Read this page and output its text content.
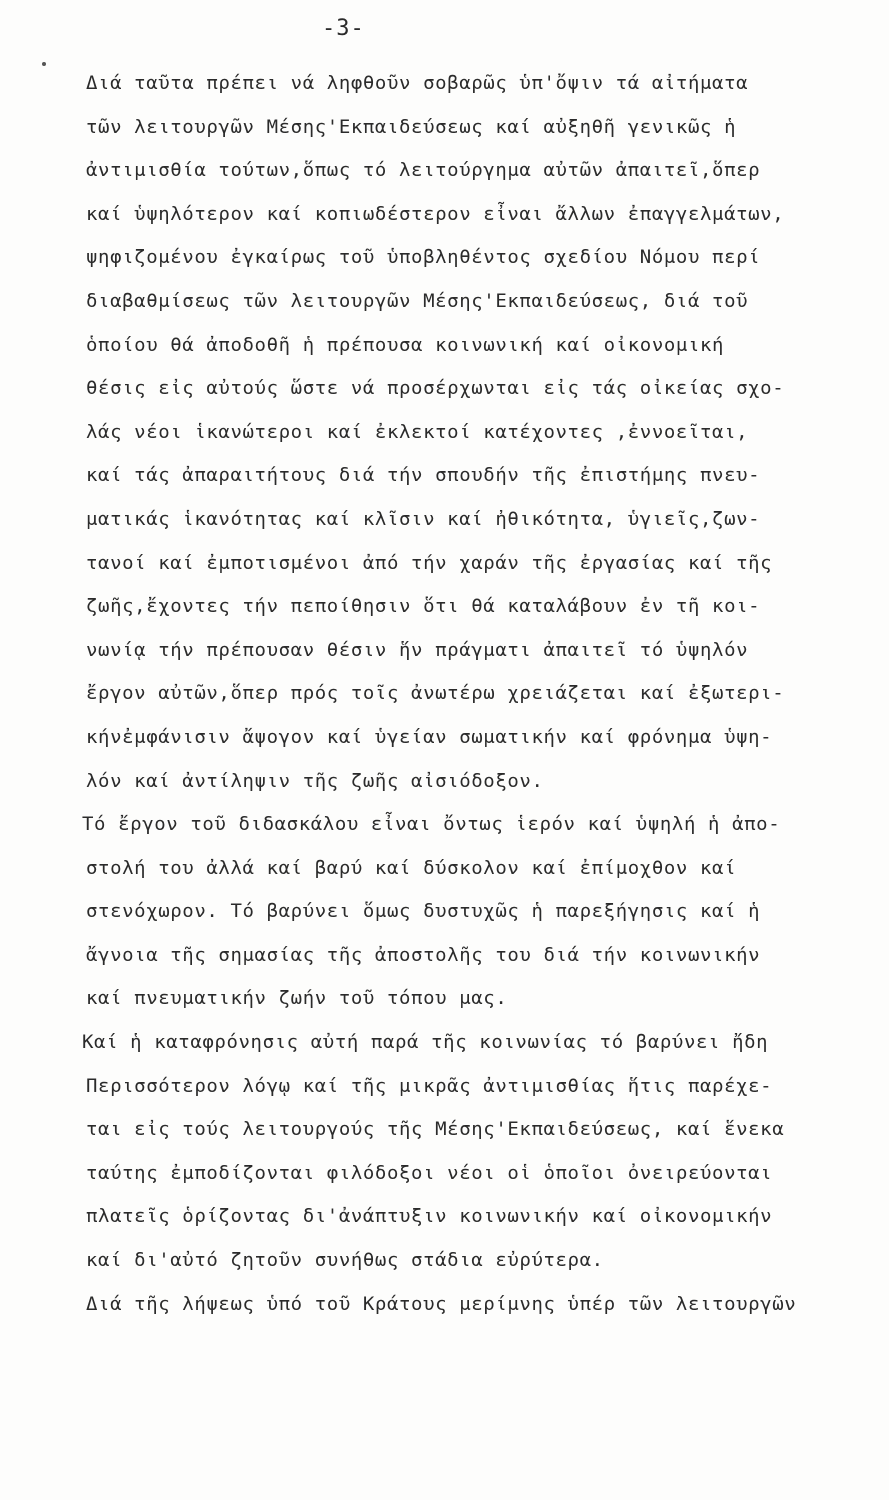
-3-
Διά ταῦτα πρέπει νά ληφθοῦν σοβαρῶς ὑπ'ὄψιν τά αἰτήματα
τῶν λειτουργῶν Μέσης'Εκπαιδεύσεως καί αὐξηθῆ γενικῶς ἡ
ἀντιμισθία τούτων,ὅπως τό λειτούργημα αὐτῶν ἀπαιτεῖ,ὅπερ
καί ὑψηλότερον καί κοπιωδέστερον εἶναι ἄλλων ἐπαγγελμάτων,
ψηφιζομένου ἐγκαίρως τοῦ ὑποβληθέντος σχεδίου Νόμου περί
διαβαθμίσεως τῶν λειτουργῶν Μέσης'Εκπαιδεύσεως, διά τοῦ
ὁποίου θά ἀποδοθῆ ἡ πρέπουσα κοινωνική καί οἰκονομική
θέσις εἰς αὐτούς ὥστε νά προσέρχωνται εἰς τάς οἰκείας σχο-
λάς νέοι ἱκανώτεροι καί ἐκλεκτοί κατέχοντες ,ἐννοεῖται,
καί τάς ἀπαραιτήτους διά τήν σπουδήν τῆς ἐπιστήμης πνευ-
ματικάς ἱκανότητας καί κλῖσιν καί ἠθικότητα, ὑγιεῖς,ζων-
τανοί καί ἐμποτισμένοι ἀπό τήν χαράν τῆς ἐργασίας καί τῆς
ζωῆς,ἔχοντες τήν πεποίθησιν ὅτι θά καταλάβουν ἐν τῆ κοι-
νωνίᾳ τήν πρέπουσαν θέσιν ἥν πράγματι ἀπαιτεῖ τό ὑψηλόν
ἔργον αὐτῶν,ὅπερ πρός τοῖς ἀνωτέρω χρειάζεται καί ἐξωτερι-
κήνἐμφάνισιν ἄψογον καί ὑγείαν σωματικήν καί φρόνημα ὑψη-
λόν καί ἀντίληψιν τῆς ζωῆς αἰσιόδοξον.
Τό ἔργον τοῦ διδασκάλου εἶναι ὄντως ἱερόν καί ὑψηλή ἡ ἀπο-
στολή του ἀλλά καί βαρύ καί δύσκολον καί ἐπίμοχθον καί
στενόχωρον. Τό βαρύνει ὅμως δυστυχῶς ἡ παρεξήγησις καί ἡ
ἄγνοια τῆς σημασίας τῆς ἀποστολῆς του διά τήν κοινωνικήν
καί πνευματικήν ζωήν τοῦ τόπου μας.
Καί ἡ καταφρόνησις αὐτή παρά τῆς κοινωνίας τό βαρύνει ἤδη
Περισσότερον λόγῳ καί τῆς μικρᾶς ἀντιμισθίας ἥτις παρέχε-
ται εἰς τούς λειτουργούς τῆς Μέσης'Εκπαιδεύσεως, καί ἕνεκα
ταύτης ἐμποδίζονται φιλόδοξοι νέοι οἱ ὁποῖοι ὀνειρεύονται
πλατεῖς ὁρίζοντας δι'ἀνάπτυξιν κοινωνικήν καί οἰκονομικήν
καί δι'αὐτό ζητοῦν συνήθως στάδια εὐρύτερα.
Διά τῆς λήψεως ὑπό τοῦ Κράτους μερίμνης ὑπέρ τῶν λειτουργῶν
